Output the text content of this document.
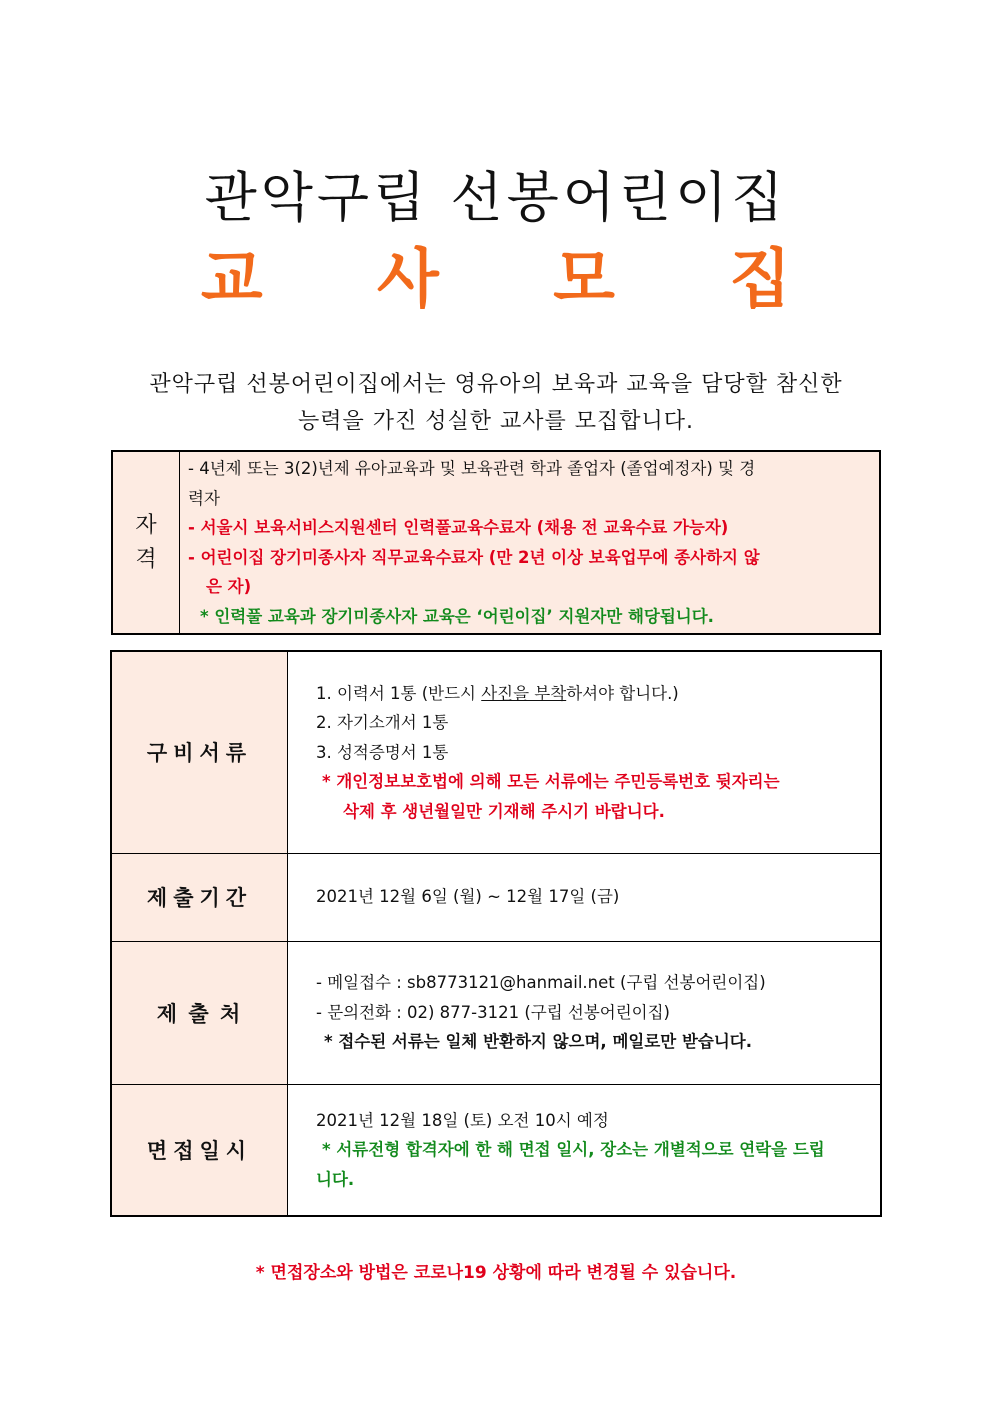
관악구립 선봉어린이집
교 사 모 집
관악구립 선봉어린이집에서는 영유아의 보육과 교육을 담당할 참신한
능력을 가진 성실한 교사를 모집합니다.
자
격

- 4년제 또는 3(2)년제 유아교육과 및 보육관련 학과 졸업자 (졸업예정자) 및 경
력자
- 서울시 보육서비스지원센터 인력풀교육수료자 (채용 전 교육수료 가능자)
- 어린이집 장기미종사자 직무교육수료자 (만 2년 이상 보육업무에 종사하지 않
은 자)
* 인력풀 교육과 장기미종사자 교육은 ‘어린이집’ 지원자만 해당됩니다.
구비서류	1. 이력서 1통 (반드시 사진을 부착하셔야 합니다.)
2. 자기소개서 1통
3. 성적증명서 1통
* 개인정보보호법에 의해 모든 서류에는 주민등록번호 뒷자리는
삭제 후 생년월일만 기재해 주시기 바랍니다.

제출기간	2021년 12월 6일 (월) ~ 12월 17일 (금)
제 출 처	- 메일접수 : sb8773121@hanmail.net (구립 선봉어린이집)
- 문의전화 : 02) 877-3121 (구립 선봉어린이집)
* 접수된 서류는 일체 반환하지 않으며, 메일로만 받습니다.

면접일시	2021년 12월 18일 (토) 오전 10시 예정
* 서류전형 합격자에 한 해 면접 일시, 장소는 개별적으로 연락을 드립
니다.
* 면접장소와 방법은 코로나19 상황에 따라 변경될 수 있습니다.
